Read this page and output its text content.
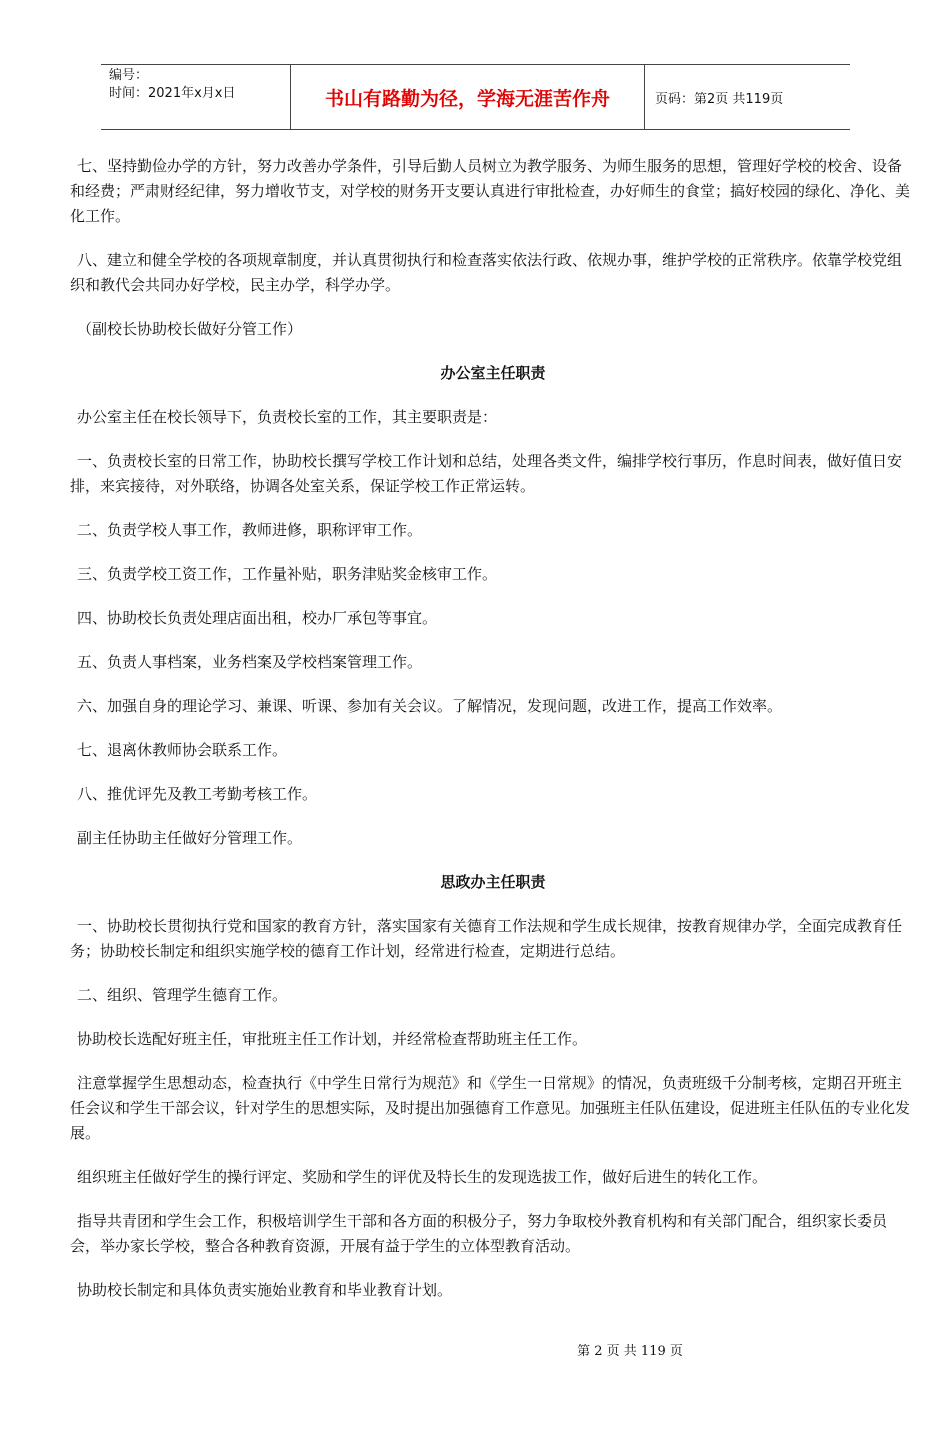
编号：
时间：2021年x月x日	书山有路勤为径，学海无涯苦作舟	页码：第2页 共119页
七、坚持勤俭办学的方针，努力改善办学条件，引导后勤人员树立为教学服务、为师生服务的思想，管理好学校的校舍、设备和经费；严肃财经纪律，努力增收节支，对学校的财务开支要认真进行审批检查，办好师生的食堂；搞好校园的绿化、净化、美化工作。
八、建立和健全学校的各项规章制度，并认真贯彻执行和检查落实依法行政、依规办事，维护学校的正常秩序。依靠学校党组织和教代会共同办好学校，民主办学，科学办学。
（副校长协助校长做好分管工作）
办公室主任职责
办公室主任在校长领导下，负责校长室的工作，其主要职责是：
一、负责校长室的日常工作，协助校长撰写学校工作计划和总结，处理各类文件，编排学校行事历，作息时间表，做好值日安排，来宾接待，对外联络，协调各处室关系，保证学校工作正常运转。
二、负责学校人事工作，教师进修，职称评审工作。
三、负责学校工资工作，工作量补贴，职务津贴奖金核审工作。
四、协助校长负责处理店面出租，校办厂承包等事宜。
五、负责人事档案，业务档案及学校档案管理工作。
六、加强自身的理论学习、兼课、听课、参加有关会议。了解情况，发现问题，改进工作，提高工作效率。
七、退离休教师协会联系工作。
八、推优评先及教工考勤考核工作。
副主任协助主任做好分管理工作。
思政办主任职责
一、协助校长贯彻执行党和国家的教育方针，落实国家有关德育工作法规和学生成长规律，按教育规律办学，全面完成教育任务；协助校长制定和组织实施学校的德育工作计划，经常进行检查，定期进行总结。
二、组织、管理学生德育工作。
协助校长选配好班主任，审批班主任工作计划，并经常检查帮助班主任工作。
注意掌握学生思想动态，检查执行《中学生日常行为规范》和《学生一日常规》的情况，负责班级千分制考核，定期召开班主任会议和学生干部会议，针对学生的思想实际，及时提出加强德育工作意见。加强班主任队伍建设，促进班主任队伍的专业化发展。
组织班主任做好学生的操行评定、奖励和学生的评优及特长生的发现选拔工作，做好后进生的转化工作。
指导共青团和学生会工作，积极培训学生干部和各方面的积极分子，努力争取校外教育机构和有关部门配合，组织家长委员会，举办家长学校，整合各种教育资源，开展有益于学生的立体型教育活动。
协助校长制定和具体负责实施始业教育和毕业教育计划。
第 2 页 共 119 页
